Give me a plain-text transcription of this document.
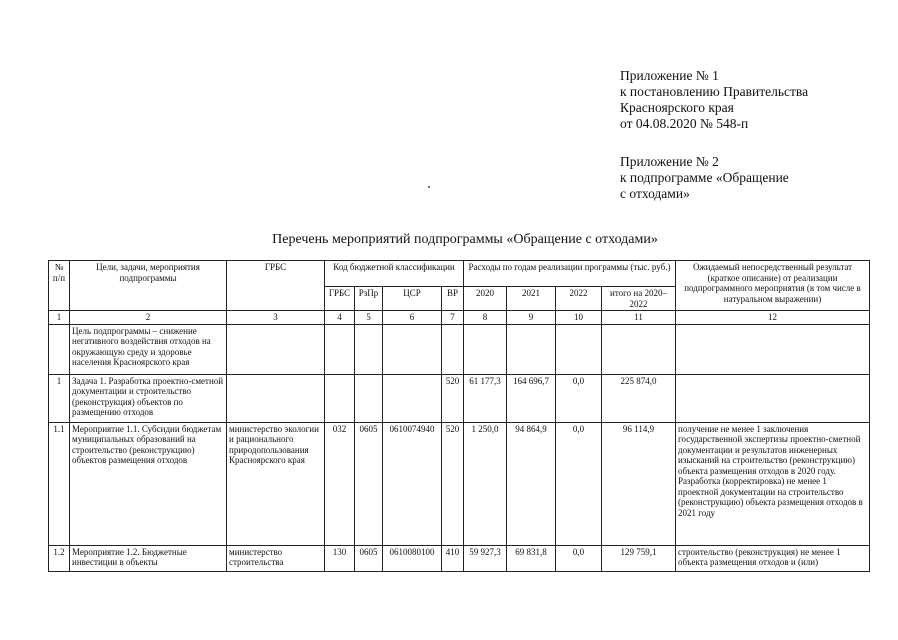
Приложение № 1
к постановлению Правительства
Красноярского края
от 04.08.2020 № 548-п
Приложение № 2
к подпрограмме «Обращение
с отходами»
Перечень мероприятий подпрограммы «Обращение с отходами»
№ п/п	Цели, задачи, мероприятия подпрограммы	ГРБС	Код бюджетной классификации				Расходы по годам реализации программы (тыс. руб.)				Ожидаемый непосредственный результат (краткое описание) от реализации подпрограммного мероприятия (в том числе в натуральном выражении)
			ГРБС	РзПр	ЦСР	ВР	2020	2021	2022	итого на 2020–2022	
1	2	3	4	5	6	7	8	9	10	11	12
	Цель подпрограммы – снижение негативного воздействия отходов на окружающую среду и здоровье населения Красноярского края										
1	Задача 1. Разработка проектно-сметной документации и строительство (реконструкция) объектов по размещению отходов					520	61 177,3	164 696,7	0,0	225 874,0	
1.1	Мероприятие 1.1. Субсидии бюджетам муниципальных образований на строительство (реконструкцию) объектов размещения отходов	министерство экологии и рационального природопользования Красноярского края	032	0605	0610074940	520	1 250,0	94 864,9	0,0	96 114,9	получение не менее 1 заключения государственной экспертизы проектно-сметной документации и результатов инженерных изысканий на строительство (реконструкцию) объекта размещения отходов в 2020 году. Разработка (корректировка) не менее 1 проектной документации на строительство (реконструкцию) объекта размещения отходов в 2021 году
1.2	Мероприятие 1.2. Бюджетные инвестиции в объекты	министерство строительства	130	0605	0610080100	410	59 927,3	69 831,8	0,0	129 759,1	строительство (реконструкция) не менее 1 объекта размещения отходов и (или)
